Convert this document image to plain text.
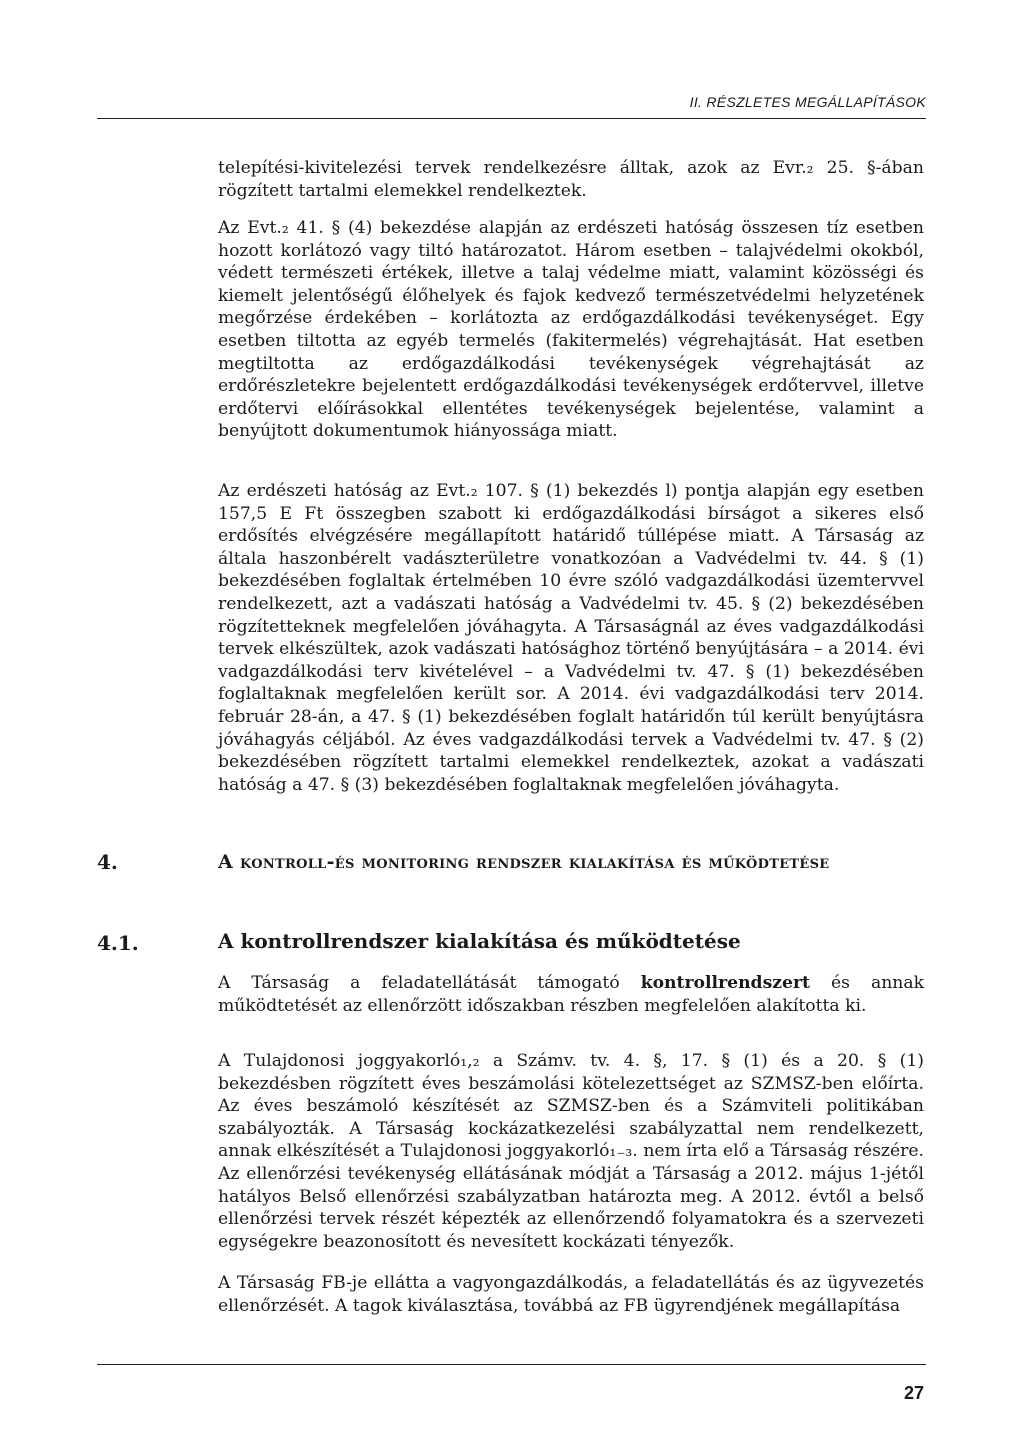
II. RÉSZLETES MEGÁLLAPÍTÁSOK

telepítési-kivitelezési tervek rendelkezésre álltak, azok az Evr.₂ 25. §-ában rögzített tartalmi elemekkel rendelkeztek.

Az Evt.₂ 41. § (4) bekezdése alapján az erdészeti hatóság összesen tíz esetben hozott korlátozó vagy tiltó határozatot. Három esetben – talajvédelmi okokból, védett természeti értékek, illetve a talaj védelme miatt, valamint közösségi és kiemelt jelentőségű élőhelyek és fajok kedvező természetvédelmi helyzetének megőrzése érdekében – korlátozta az erdőgazdálkodási tevékenységet. Egy esetben tiltotta az egyéb termelés (fakitermelés) végrehajtását. Hat esetben megtiltotta az erdőgazdálkodási tevékenységek végrehajtását az erdőrészletekre bejelentett erdőgazdálkodási tevékenységek erdőtervvel, illetve erdőtervi előírásokkal ellentétes tevékenységek bejelentése, valamint a benyújtott dokumentumok hiányossága miatt.

Az erdészeti hatóság az Evt.₂ 107. § (1) bekezdés l) pontja alapján egy esetben 157,5 E Ft összegben szabott ki erdőgazdálkodási bírságot a sikeres első erdősítés elvégzésére megállapított határidő túllépése miatt. A Társaság az általa haszonbérelt vadászterületre vonatkozóan a Vadvédelmi tv. 44. § (1) bekezdésében foglaltak értelmében 10 évre szóló vadgazdálkodási üzemtervvel rendelkezett, azt a vadászati hatóság a Vadvédelmi tv. 45. § (2) bekezdésében rögzítetteknek megfelelően jóváhagyta. A Társaságnál az éves vadgazdálkodási tervek elkészültek, azok vadászati hatósághoz történő benyújtására – a 2014. évi vadgazdálkodási terv kivételével – a Vadvédelmi tv. 47. § (1) bekezdésében foglaltaknak megfelelően került sor. A 2014. évi vadgazdálkodási terv 2014. február 28-án, a 47. § (1) bekezdésében foglalt határidőn túl került benyújtásra jóváhagyás céljából. Az éves vadgazdálkodási tervek a Vadvédelmi tv. 47. § (2) bekezdésében rögzített tartalmi elemekkel rendelkeztek, azokat a vadászati hatóság a 47. § (3) bekezdésében foglaltaknak megfelelően jóváhagyta.

4.	A kontroll-és monitoring rendszer kialakítása és működtetése
4.1.	A kontrollrendszer kialakítása és működtetése

A Társaság a feladatellátását támogató kontrollrendszert és annak működtetését az ellenőrzött időszakban részben megfelelően alakította ki.

A Tulajdonosi joggyakorló₁,₂ a Számv. tv. 4. §, 17. § (1) és a 20. § (1) bekezdésben rögzített éves beszámolási kötelezettséget az SZMSZ-ben előírta. Az éves beszámoló készítését az SZMSZ-ben és a Számviteli politikában szabályozták. A Társaság kockázatkezelési szabályzattal nem rendelkezett, annak elkészítését a Tulajdonosi joggyakorló₁₋₃. nem írta elő a Társaság részére. Az ellenőrzési tevékenység ellátásának módját a Társaság a 2012. május 1-jétől hatályos Belső ellenőrzési szabályzatban határozta meg. A 2012. évtől a belső ellenőrzési tervek részét képezték az ellenőrzendő folyamatokra és a szervezeti egységekre beazonosított és nevesített kockázati tényezők.

A Társaság FB-je ellátta a vagyongazdálkodás, a feladatellátás és az ügyvezetés ellenőrzését. A tagok kiválasztása, továbbá az FB ügyrendjének megállapítása

27
